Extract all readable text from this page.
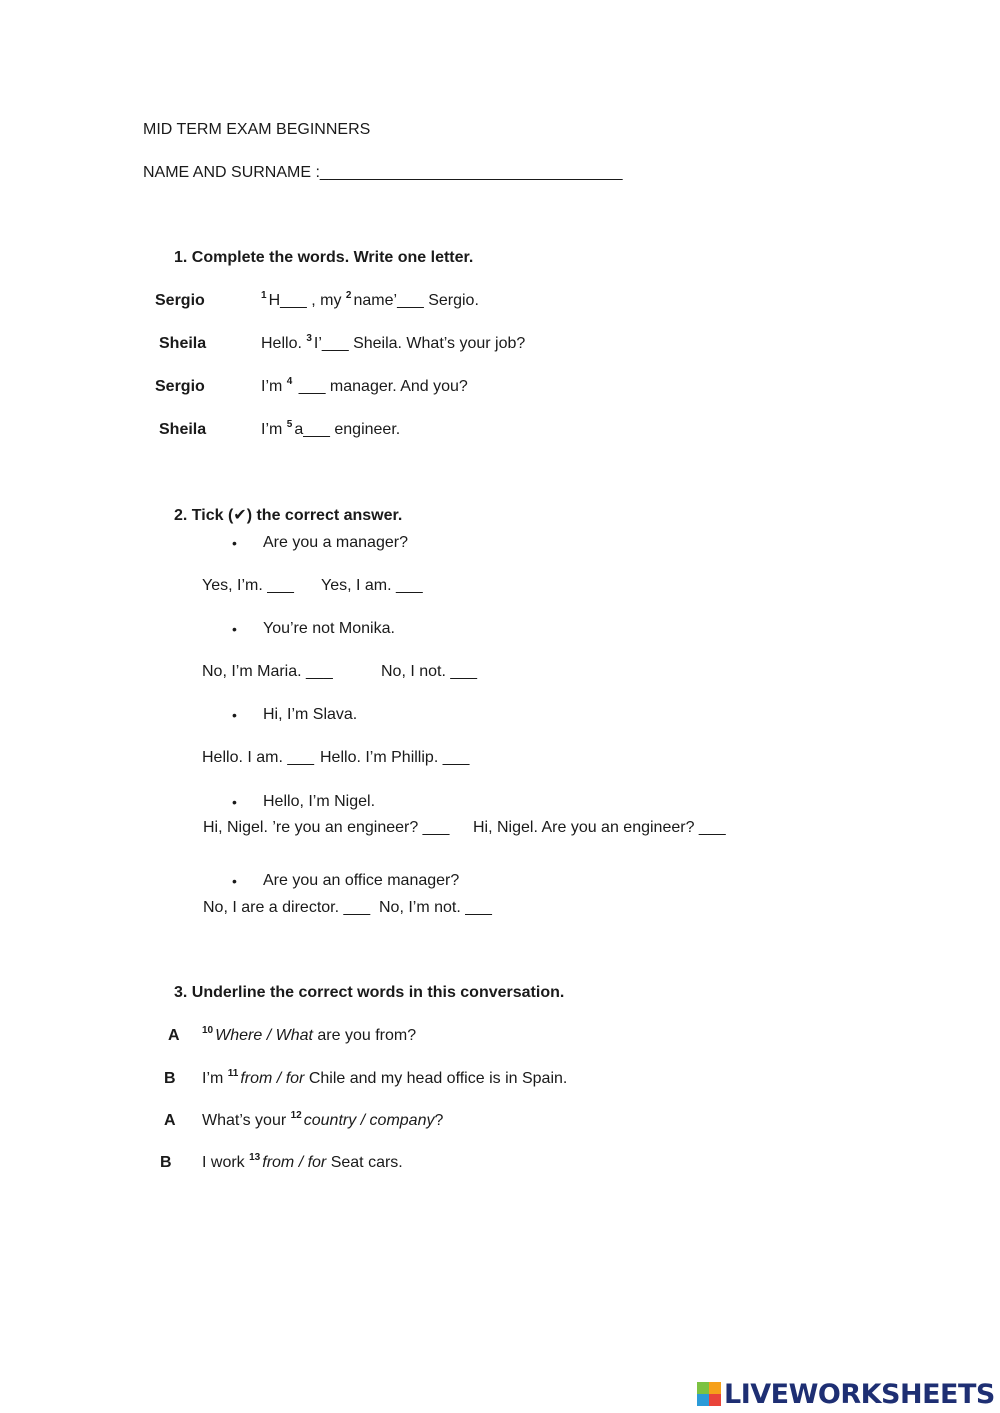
MID TERM EXAM BEGINNERS
NAME AND SURNAME :__________________________________
1. Complete the words. Write one letter.
Sergio	$^1$ H___ , my $^2$ name’___ Sergio.
Sheila	Hello. $^3$ I’___ Sheila. What’s your job?
Sergio	I’m $^4$ ___ manager. And you?
Sheila	I’m $^5$ a___ engineer.
2. Tick (✔) the correct answer.
• Are you a manager?
Yes, I’m. ___ Yes, I am. ___
• You’re not Monika.
No, I’m Maria. ___	No, I not. ___
• Hi, I’m Slava.
Hello. I am. ___ Hello. I’m Phillip. ___
• Hello, I’m Nigel.
Hi, Nigel. ’re you an engineer? ___ Hi, Nigel. Are you an engineer? ___
• Are you an office manager?
No, I are a director. ___ No, I’m not. ___
3. Underline the correct words in this conversation.
A $^{10}$ Where / What are you from?
B I’m $^{11}$ from / for Chile and my head office is in Spain.
A What’s your $^{12}$ country / company?
B I work $^{13}$ from / for Seat cars.
LIVEWORKSHEETS
